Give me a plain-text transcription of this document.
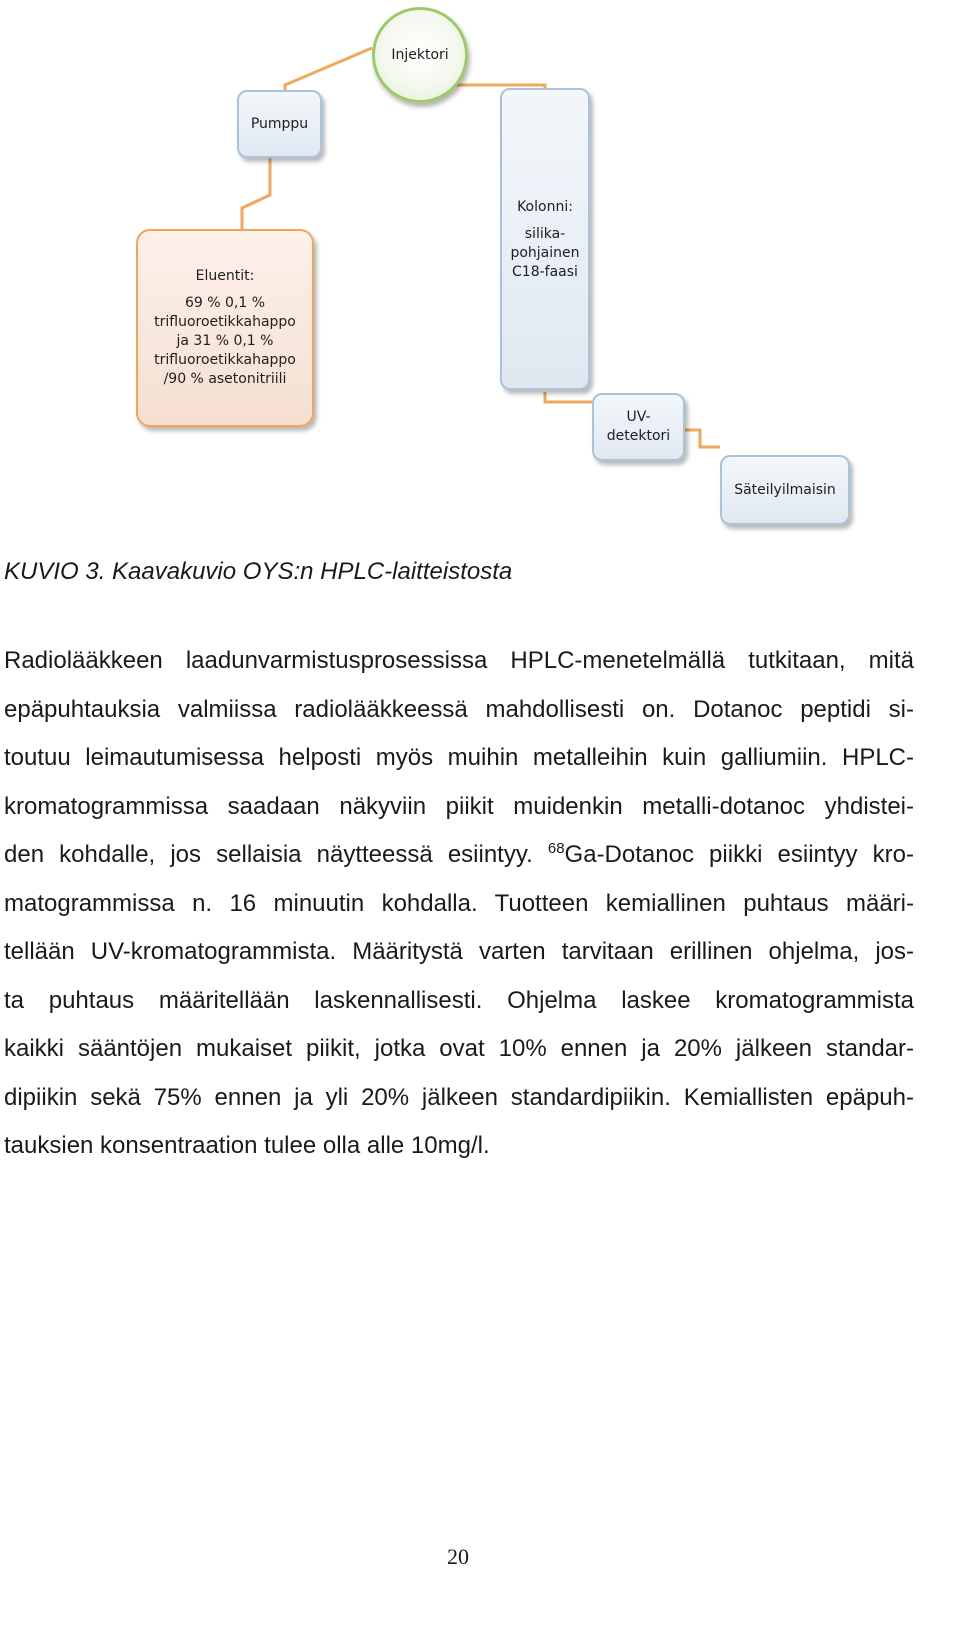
Injektori
Pumppu
Kolonni:
silika-
pohjainen
C18-faasi
Eluentit:
69 % 0,1 %
trifluoroetikkahappo
ja 31 % 0,1 %
trifluoroetikkahappo
/90 % asetonitriili
UV-
detektori
Säteilyilmaisin
KUVIO 3. Kaavakuvio OYS:n HPLC-laitteistosta
Radiolääkkeen laadunvarmistusprosessissa HPLC-menetelmällä tutkitaan, mitä
epäpuhtauksia valmiissa radiolääkkeessä mahdollisesti on. Dotanoc peptidi si-
toutuu leimautumisessa helposti myös muihin metalleihin kuin galliumiin. HPLC-
kromatogrammissa saadaan näkyviin piikit muidenkin metalli-dotanoc yhdistei-
den kohdalle, jos sellaisia näytteessä esiintyy. $^{68}$Ga-Dotanoc piikki esiintyy kro-
matogrammissa n. 16 minuutin kohdalla. Tuotteen kemiallinen puhtaus määri-
tellään UV-kromatogrammista. Määritystä varten tarvitaan erillinen ohjelma, jos-
ta puhtaus määritellään laskennallisesti. Ohjelma laskee kromatogrammista
kaikki sääntöjen mukaiset piikit, jotka ovat 10% ennen ja 20% jälkeen standar-
dipiikin sekä 75% ennen ja yli 20% jälkeen standardipiikin. Kemiallisten epäpuh-
tauksien konsentraation tulee olla alle 10mg/l.
20
